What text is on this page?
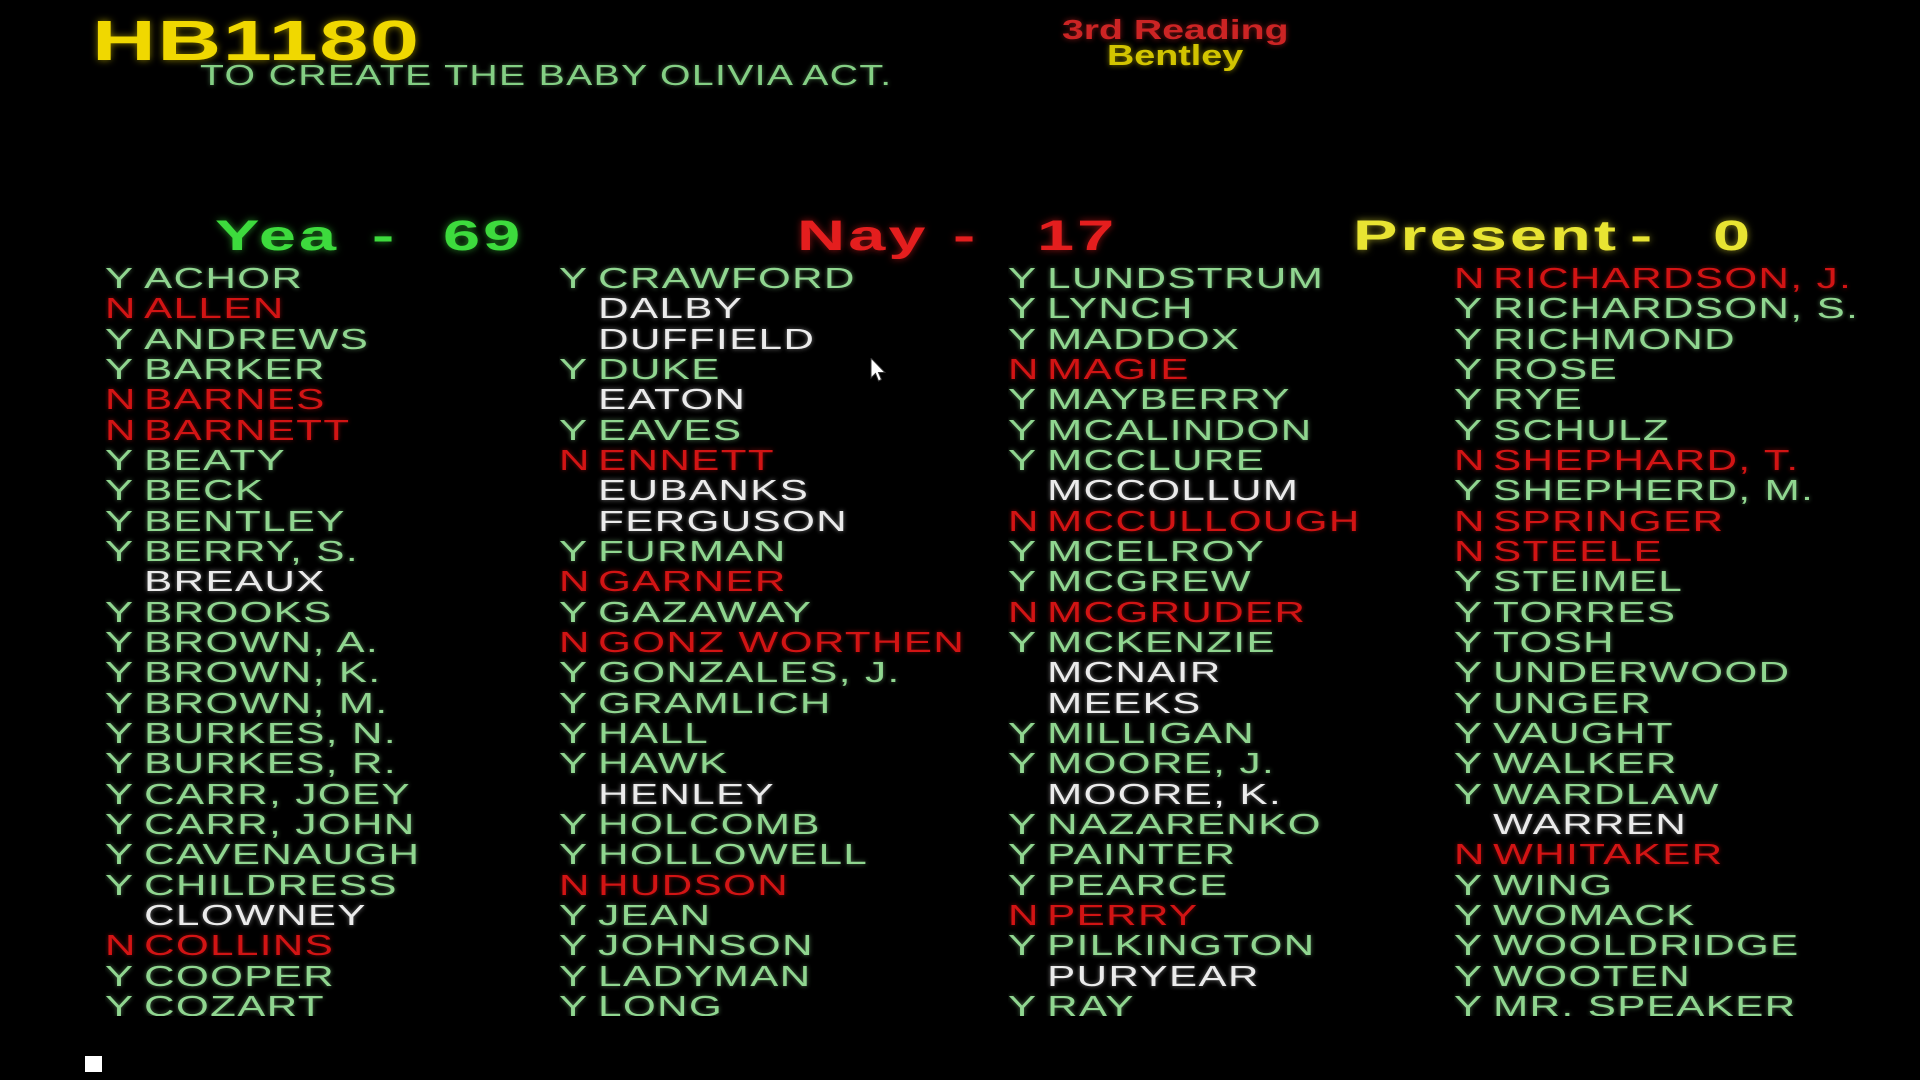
HB1180
TO CREATE THE BABY OLIVIA ACT.
3rd Reading
Bentley
Yea - 69	Nay - 17	Present - 0
Y ACHOR
N ALLEN
Y ANDREWS
Y BARKER
N BARNES
N BARNETT
Y BEATY
Y BECK
Y BENTLEY
Y BERRY, S.
BREAUX
Y BROOKS
Y BROWN, A.
Y BROWN, K.
Y BROWN, M.
Y BURKES, N.
Y BURKES, R.
Y CARR, JOEY
Y CARR, JOHN
Y CAVENAUGH
Y CHILDRESS
CLOWNEY
N COLLINS
Y COOPER
Y COZART
Y CRAWFORD
DALBY
DUFFIELD
Y DUKE
EATON
Y EAVES
N ENNETT
EUBANKS
FERGUSON
Y FURMAN
N GARNER
Y GAZAWAY
N GONZ WORTHEN
Y GONZALES, J.
Y GRAMLICH
Y HALL
Y HAWK
HENLEY
Y HOLCOMB
Y HOLLOWELL
N HUDSON
Y JEAN
Y JOHNSON
Y LADYMAN
Y LONG
Y LUNDSTRUM
Y LYNCH
Y MADDOX
N MAGIE
Y MAYBERRY
Y MCALINDON
Y MCCLURE
MCCOLLUM
N MCCULLOUGH
Y MCELROY
Y MCGREW
N MCGRUDER
Y MCKENZIE
MCNAIR
MEEKS
Y MILLIGAN
Y MOORE, J.
MOORE, K.
Y NAZARENKO
Y PAINTER
Y PEARCE
N PERRY
Y PILKINGTON
PURYEAR
Y RAY
N RICHARDSON, J.
Y RICHARDSON, S.
Y RICHMOND
Y ROSE
Y RYE
Y SCHULZ
N SHEPHARD, T.
Y SHEPHERD, M.
N SPRINGER
N STEELE
Y STEIMEL
Y TORRES
Y TOSH
Y UNDERWOOD
Y UNGER
Y VAUGHT
Y WALKER
Y WARDLAW
WARREN
N WHITAKER
Y WING
Y WOMACK
Y WOOLDRIDGE
Y WOOTEN
Y MR. SPEAKER
